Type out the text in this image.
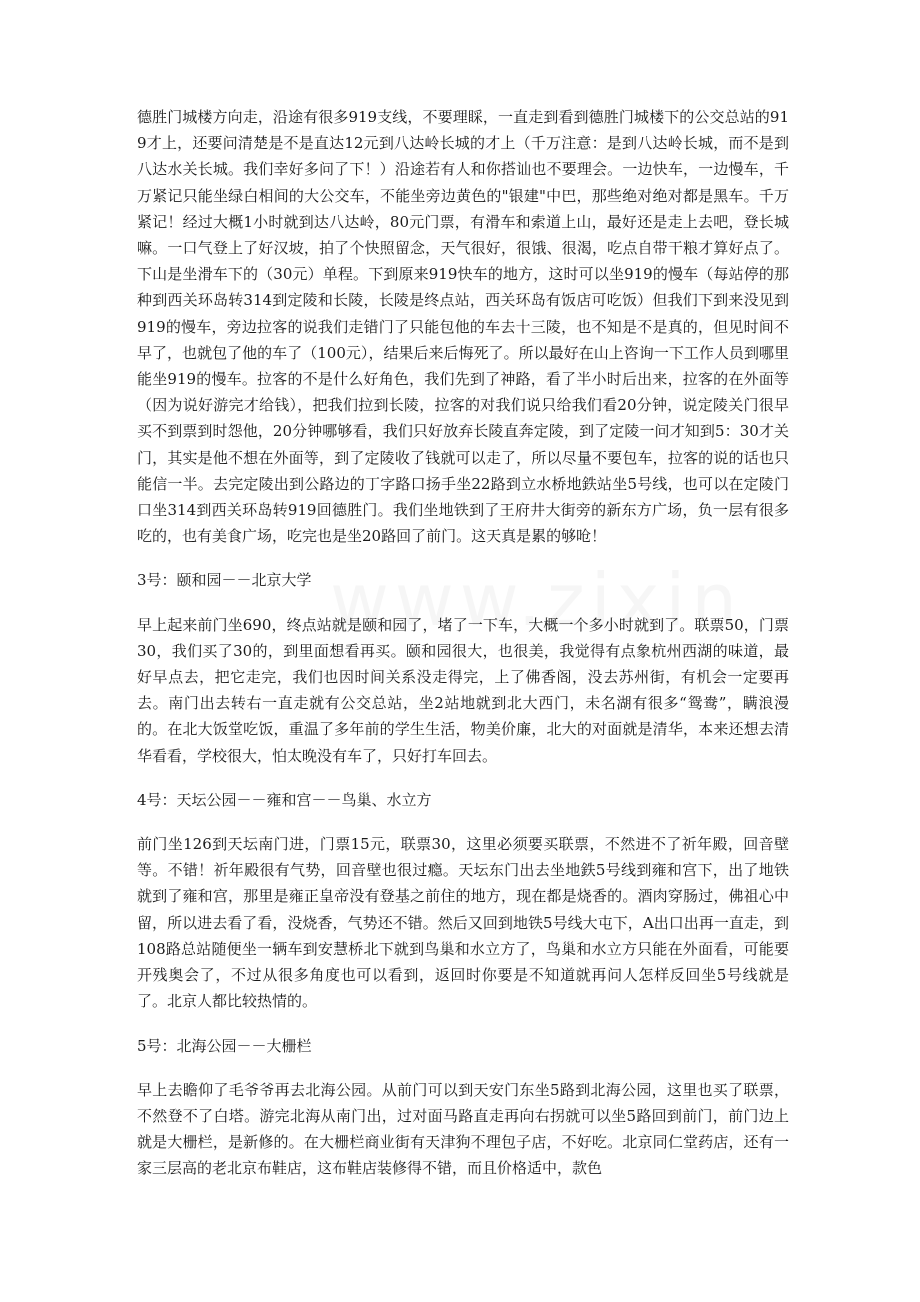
德胜门城楼方向走，沿途有很多919支线，不要理睬，一直走到看到德胜门城楼下的公交总站的919才上，还要问清楚是不是直达12元到八达岭长城的才上（千万注意：是到八达岭长城，而不是到八达水关长城。我们幸好多问了下！）沿途若有人和你搭讪也不要理会。一边快车，一边慢车，千万紧记只能坐绿白相间的大公交车，不能坐旁边黄色的"银建"中巴，那些绝对绝对都是黑车。千万紧记！经过大概1小时就到达八达岭，80元门票，有滑车和索道上山，最好还是走上去吧，登长城嘛。一口气登上了好汉坡，拍了个快照留念，天气很好，很饿、很渴，吃点自带干粮才算好点了。下山是坐滑车下的（30元）单程。下到原来919快车的地方，这时可以坐919的慢车（每站停的那种到西关环岛转314到定陵和长陵，长陵是终点站，西关环岛有饭店可吃饭）但我们下到来没见到919的慢车，旁边拉客的说我们走错门了只能包他的车去十三陵，也不知是不是真的，但见时间不早了，也就包了他的车了（100元），结果后来后悔死了。所以最好在山上咨询一下工作人员到哪里能坐919的慢车。拉客的不是什么好角色，我们先到了神路，看了半小时后出来，拉客的在外面等（因为说好游完才给钱），把我们拉到长陵，拉客的对我们说只给我们看20分钟，说定陵关门很早买不到票到时怨他，20分钟哪够看，我们只好放弃长陵直奔定陵，到了定陵一问才知到5：30才关门，其实是他不想在外面等，到了定陵收了钱就可以走了，所以尽量不要包车，拉客的说的话也只能信一半。去完定陵出到公路边的丁字路口扬手坐22路到立水桥地鉄站坐5号线，也可以在定陵门口坐314到西关环岛转919回德胜门。我们坐地铁到了王府井大街旁的新东方广场，负一层有很多吃的，也有美食广场，吃完也是坐20路回了前门。这天真是累的够呛！

3号：颐和园－－北京大学

早上起来前门坐690，终点站就是颐和园了，堵了一下车，大概一个多小时就到了。联票50，门票30，我们买了30的，到里面想看再买。颐和园很大，也很美，我觉得有点象杭州西湖的味道，最好早点去，把它走完，我们也因时间关系没走得完，上了佛香阁，没去苏州街，有机会一定要再去。南门出去转右一直走就有公交总站，坐2站地就到北大西门，未名湖有很多“鸳鸯”，瞒浪漫的。在北大饭堂吃饭，重温了多年前的学生生活，物美价廉，北大的对面就是清华，本来还想去清华看看，学校很大，怕太晚没有车了，只好打车回去。

4号：天坛公园－－雍和宫－－鸟巢、水立方

前门坐126到天坛南门进，门票15元，联票30，这里必须要买联票，不然进不了祈年殿，回音壁等。不错！祈年殿很有气势，回音壁也很过瘾。天坛东门出去坐地鉄5号线到雍和宫下，出了地铁就到了雍和宫，那里是雍正皇帝没有登基之前住的地方，现在都是烧香的。酒肉穿肠过，佛祖心中留，所以进去看了看，没烧香，气势还不错。然后又回到地铁5号线大屯下，A出口出再一直走，到108路总站随便坐一辆车到安慧桥北下就到鸟巢和水立方了，鸟巢和水立方只能在外面看，可能要开残奥会了，不过从很多角度也可以看到，返回时你要是不知道就再问人怎样反回坐5号线就是了。北京人都比较热情的。

5号：北海公园－－大栅栏

早上去瞻仰了毛爷爷再去北海公园。从前门可以到天安门东坐5路到北海公园，这里也买了联票，不然登不了白塔。游完北海从南门出，过对面马路直走再向右拐就可以坐5路回到前门，前门边上就是大栅栏，是新修的。在大栅栏商业街有天津狗不理包子店，不好吃。北京同仁堂药店，还有一家三层高的老北京布鞋店，这布鞋店装修得不错，而且价格适中，款色
